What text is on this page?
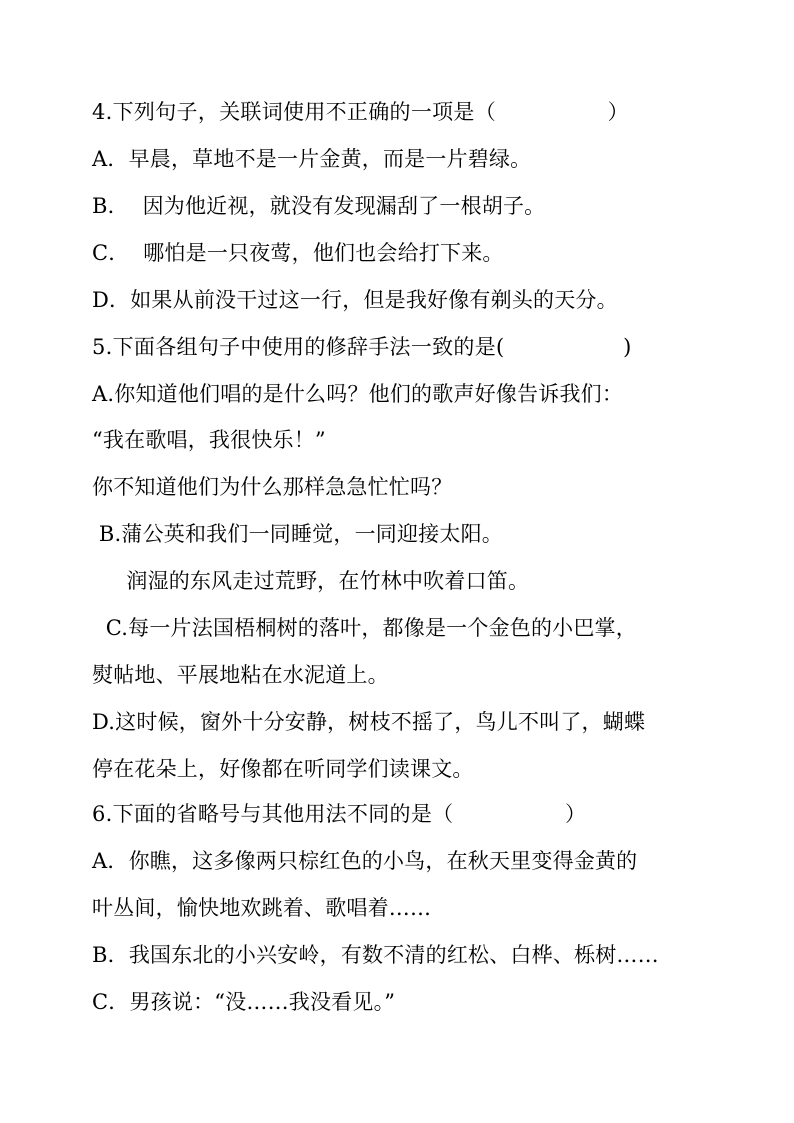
4.下列句子，关联词使用不正确的一项是（                ）
A．早晨，草地不是一片金黄，而是一片碧绿。
B．  因为他近视，就没有发现漏刮了一根胡子。
C．  哪怕是一只夜莺，他们也会给打下来。
D．如果从前没干过这一行，但是我好像有剃头的天分。
5.下面各组句子中使用的修辞手法一致的是(                 )
A.你知道他们唱的是什么吗？他们的歌声好像告诉我们：
“我在歌唱，我很快乐！”
你不知道他们为什么那样急急忙忙吗？
B.蒲公英和我们一同睡觉，一同迎接太阳。
润湿的东风走过荒野，在竹林中吹着口笛。
C.每一片法国梧桐树的落叶，都像是一个金色的小巴掌，
熨帖地、平展地粘在水泥道上。
D.这时候，窗外十分安静，树枝不摇了，鸟儿不叫了，蝴蝶
停在花朵上，好像都在听同学们读课文。
6.下面的省略号与其他用法不同的是（                ）
A．你瞧，这多像两只棕红色的小鸟，在秋天里变得金黄的
叶丛间，愉快地欢跳着、歌唱着……
B．我国东北的小兴安岭，有数不清的红松、白桦、栎树……
C．男孩说：“没……我没看见。”
